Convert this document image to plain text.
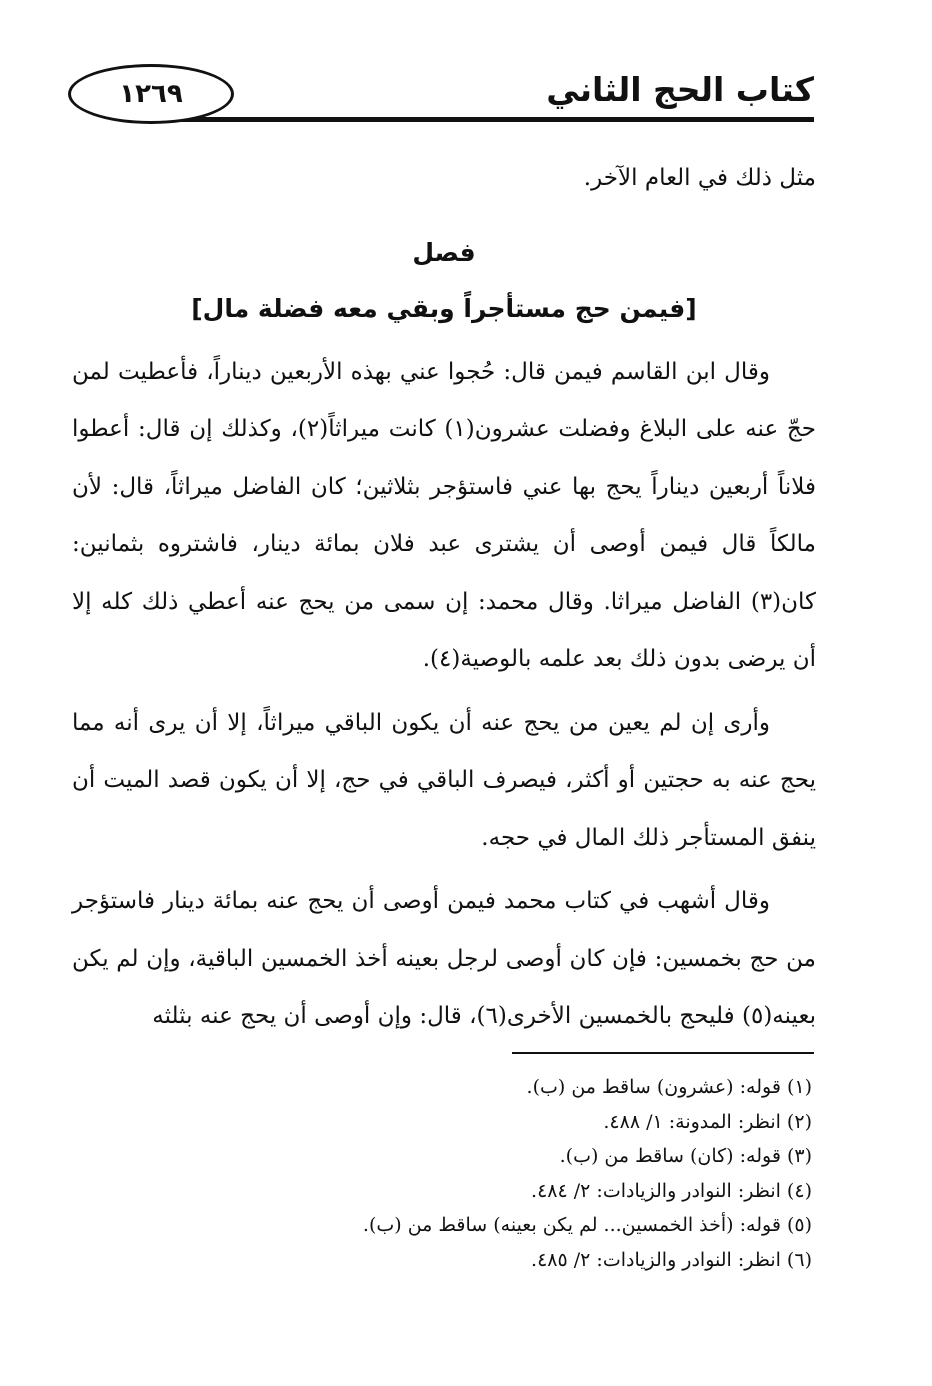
١٢٦٩	كتاب الحج الثاني

مثل ذلك في العام الآخر.

فصل

[فيمن حج مستأجراً وبقي معه فضلة مال]

وقال ابن القاسم فيمن قال: حُجوا عني بهذه الأربعين ديناراً، فأعطيت لمن حجّ عنه على البلاغ وفضلت عشرون(١) كانت ميراثاً(٢)، وكذلك إن قال: أعطوا فلاناً أربعين ديناراً يحج بها عني فاستؤجر بثلاثين؛ كان الفاضل ميراثاً، قال: لأن مالكاً قال فيمن أوصى أن يشترى عبد فلان بمائة دينار، فاشتروه بثمانين: كان(٣) الفاضل ميراثا. وقال محمد: إن سمى من يحج عنه أعطي ذلك كله إلا أن يرضى بدون ذلك بعد علمه بالوصية(٤).

وأرى إن لم يعين من يحج عنه أن يكون الباقي ميراثاً، إلا أن يرى أنه مما يحج عنه به حجتين أو أكثر، فيصرف الباقي في حج، إلا أن يكون قصد الميت أن ينفق المستأجر ذلك المال في حجه.

وقال أشهب في كتاب محمد فيمن أوصى أن يحج عنه بمائة دينار فاستؤجر من حج بخمسين: فإن كان أوصى لرجل بعينه أخذ الخمسين الباقية، وإن لم يكن بعينه(٥) فليحج بالخمسين الأخرى(٦)، قال: وإن أوصى أن يحج عنه بثلثه

(١) قوله: (عشرون) ساقط من (ب).
(٢) انظر: المدونة: ١/ ٤٨٨.
(٣) قوله: (كان) ساقط من (ب).
(٤) انظر: النوادر والزيادات: ٢/ ٤٨٤.
(٥) قوله: (أخذ الخمسين... لم يكن بعينه) ساقط من (ب).
(٦) انظر: النوادر والزيادات: ٢/ ٤٨٥.
